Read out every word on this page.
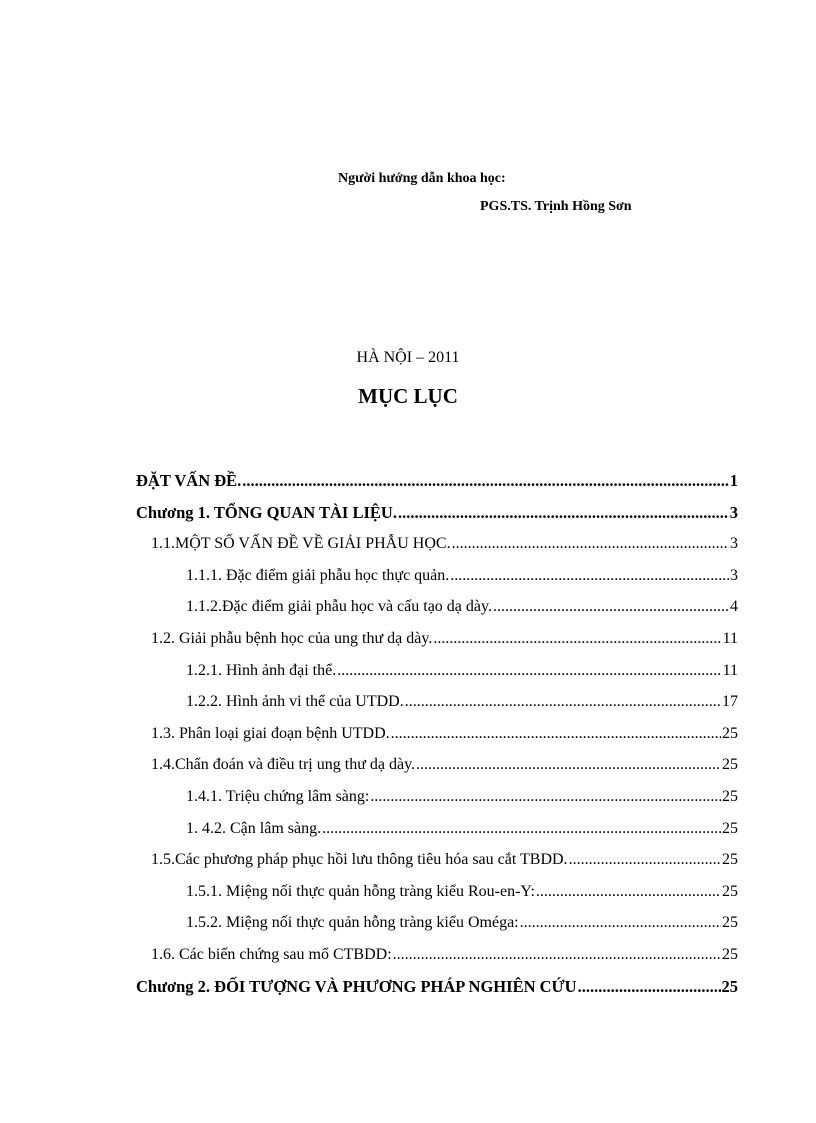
Người hướng dẫn khoa học:
PGS.TS. Trịnh Hồng Sơn
HÀ NỘI – 2011
MỤC LỤC
ĐẶT VẤN ĐỀ. .....	1
Chương 1. TỔNG QUAN TÀI LIỆU. .....	3
1.1.MỘT SỐ VẤN ĐỀ VỀ GIẢI PHẪU HỌC. .....	3
1.1.1. Đặc điểm giải phẫu học thực quản. .....	3
1.1.2.Đặc điểm giải phẫu học và cấu tạo dạ dày. .....	4
1.2. Giải phẫu bệnh học của ung thư dạ dày. .....	11
1.2.1. Hình ảnh đại thể. .....	11
1.2.2. Hình ảnh vi thể của UTDD. .....	17
1.3. Phân loại giai đoạn bệnh UTDD. .....	25
1.4.Chẩn đoán và điều trị ung thư dạ dày. .....	25
1.4.1. Triệu chứng lâm sàng: .....	25
1. 4.2. Cận lâm sàng. .....	25
1.5.Các phương pháp phục hồi lưu thông tiêu hóa sau cắt TBDD. .....	25
1.5.1. Miệng nối thực quản hỗng tràng kiểu Rou-en-Y: .....	25
1.5.2. Miệng nối thực quản hỗng tràng kiểu Oméga: .....	25
1.6. Các biến chứng sau mổ CTBDD: .....	25
Chương 2. ĐỐI TƯỢNG VÀ PHƯƠNG PHÁP NGHIÊN CỨU .....	25
